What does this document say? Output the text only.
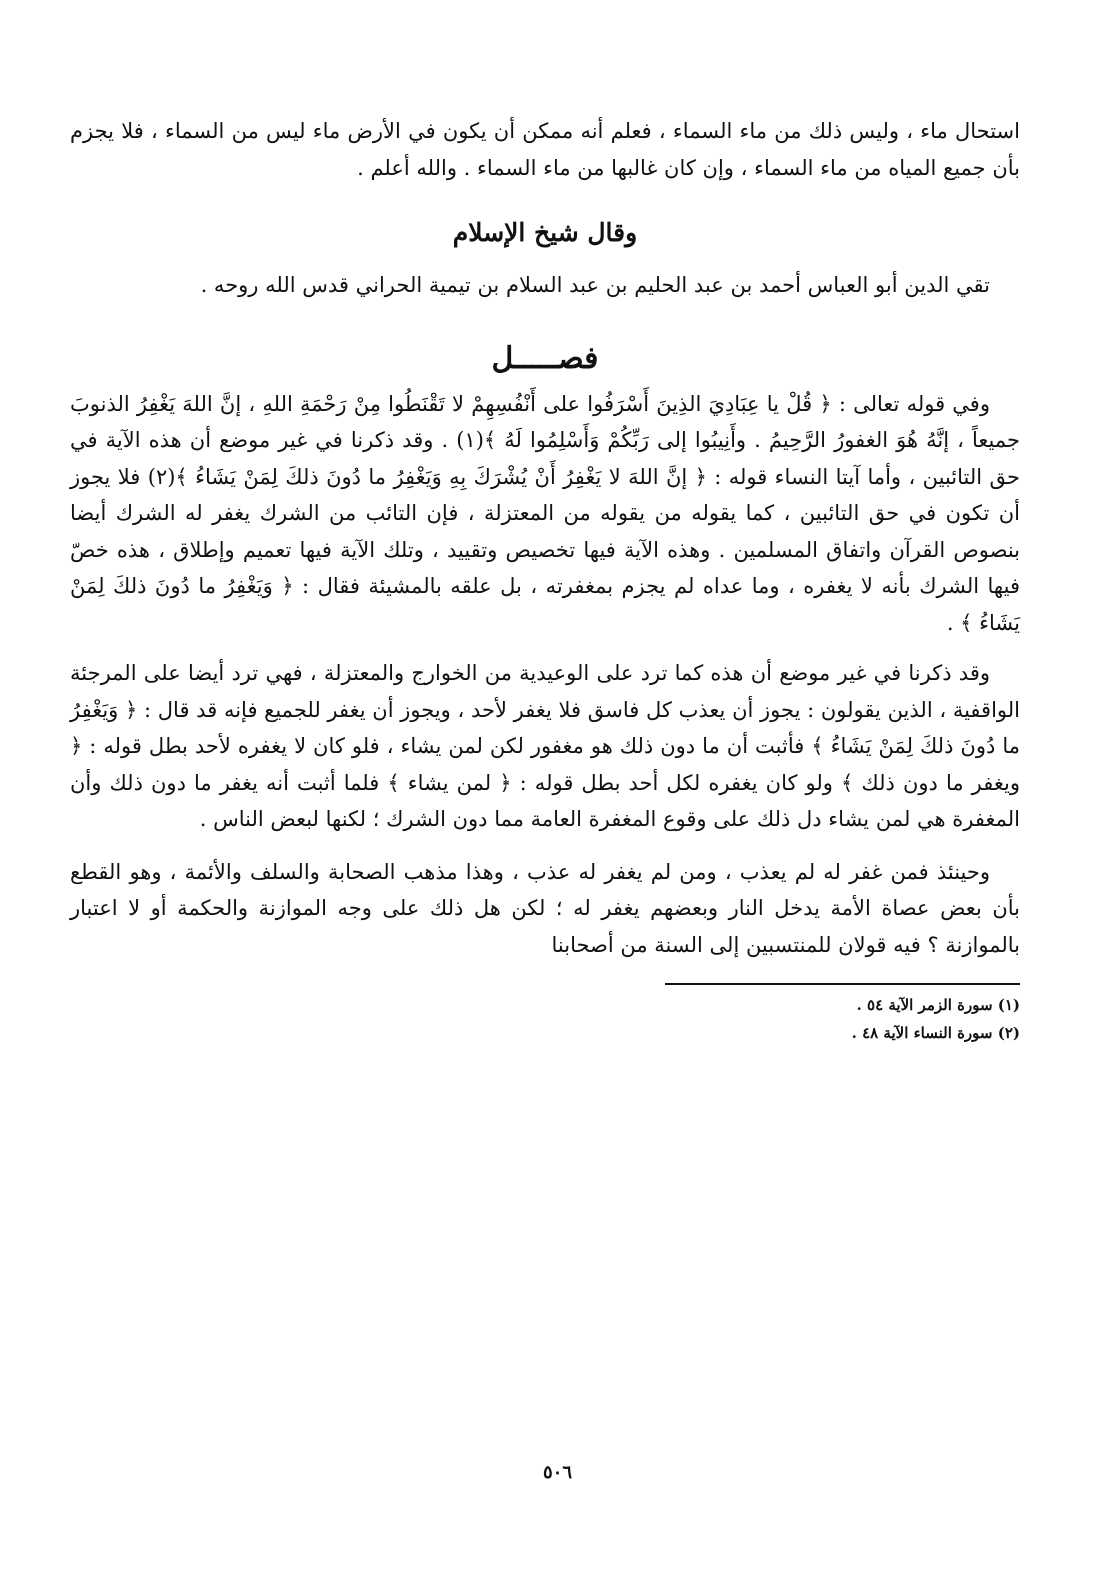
استحال ماء ، وليس ذلك من ماء السماء ، فعلم أنه ممكن أن يكون في الأرض ماء ليس من السماء ، فلا يجزم بأن جميع المياه من ماء السماء ، وإن كان غالبها من ماء السماء . والله أعلم .

وقال شيخ الإسلام

تقي الدين أبو العباس أحمد بن عبد الحليم بن عبد السلام بن تيمية الحراني قدس الله روحه .

فصـــــل

وفي قوله تعالى : ﴿ قُلْ يا عِبَادِيَ الذِينَ أَسْرَفُوا على أَنْفُسِهِمْ لا تَقْنَطُوا مِنْ رَحْمَةِ اللهِ ، إنَّ اللهَ يَغْفِرُ الذنوبَ جميعاً ، إنَّهُ هُوَ الغفورُ الرَّحِيمُ . وأَنِيبُوا إلى رَبِّكُمْ وَأَسْلِمُوا لَهُ ﴾(١) . وقد ذكرنا في غير موضع أن هذه الآية في حق التائبين ، وأما آيتا النساء قوله : ﴿ إنَّ اللهَ لا يَغْفِرُ أَنْ يُشْرَكَ بِهِ وَيَغْفِرُ ما دُونَ ذلكَ لِمَنْ يَشَاءُ ﴾(٢) فلا يجوز أن تكون في حق التائبين ، كما يقوله من يقوله من المعتزلة ، فإن التائب من الشرك يغفر له الشرك أيضا بنصوص القرآن واتفاق المسلمين . وهذه الآية فيها تخصيص وتقييد ، وتلك الآية فيها تعميم وإطلاق ، هذه خصّ فيها الشرك بأنه لا يغفره ، وما عداه لم يجزم بمغفرته ، بل علقه بالمشيئة فقال : ﴿ وَيَغْفِرُ ما دُونَ ذلكَ لِمَنْ يَشَاءُ ﴾ .

وقد ذكرنا في غير موضع أن هذه كما ترد على الوعيدية من الخوارج والمعتزلة ، فهي ترد أيضا على المرجئة الواقفية ، الذين يقولون : يجوز أن يعذب كل فاسق فلا يغفر لأحد ، ويجوز أن يغفر للجميع فإنه قد قال : ﴿ وَيَغْفِرُ ما دُونَ ذلكَ لِمَنْ يَشَاءُ ﴾ فأثبت أن ما دون ذلك هو مغفور لكن لمن يشاء ، فلو كان لا يغفره لأحد بطل قوله : ﴿ ويغفر ما دون ذلك ﴾ ولو كان يغفره لكل أحد بطل قوله : ﴿ لمن يشاء ﴾ فلما أثبت أنه يغفر ما دون ذلك وأن المغفرة هي لمن يشاء دل ذلك على وقوع المغفرة العامة مما دون الشرك ؛ لكنها لبعض الناس .

وحينئذ فمن غفر له لم يعذب ، ومن لم يغفر له عذب ، وهذا مذهب الصحابة والسلف والأئمة ، وهو القطع بأن بعض عصاة الأمة يدخل النار وبعضهم يغفر له ؛ لكن هل ذلك على وجه الموازنة والحكمة أو لا اعتبار بالموازنة ؟ فيه قولان للمنتسبين إلى السنة من أصحابنا

(١) سورة الزمر الآية ٥٤ .
(٢) سورة النساء الآية ٤٨ .
٥٠٦
